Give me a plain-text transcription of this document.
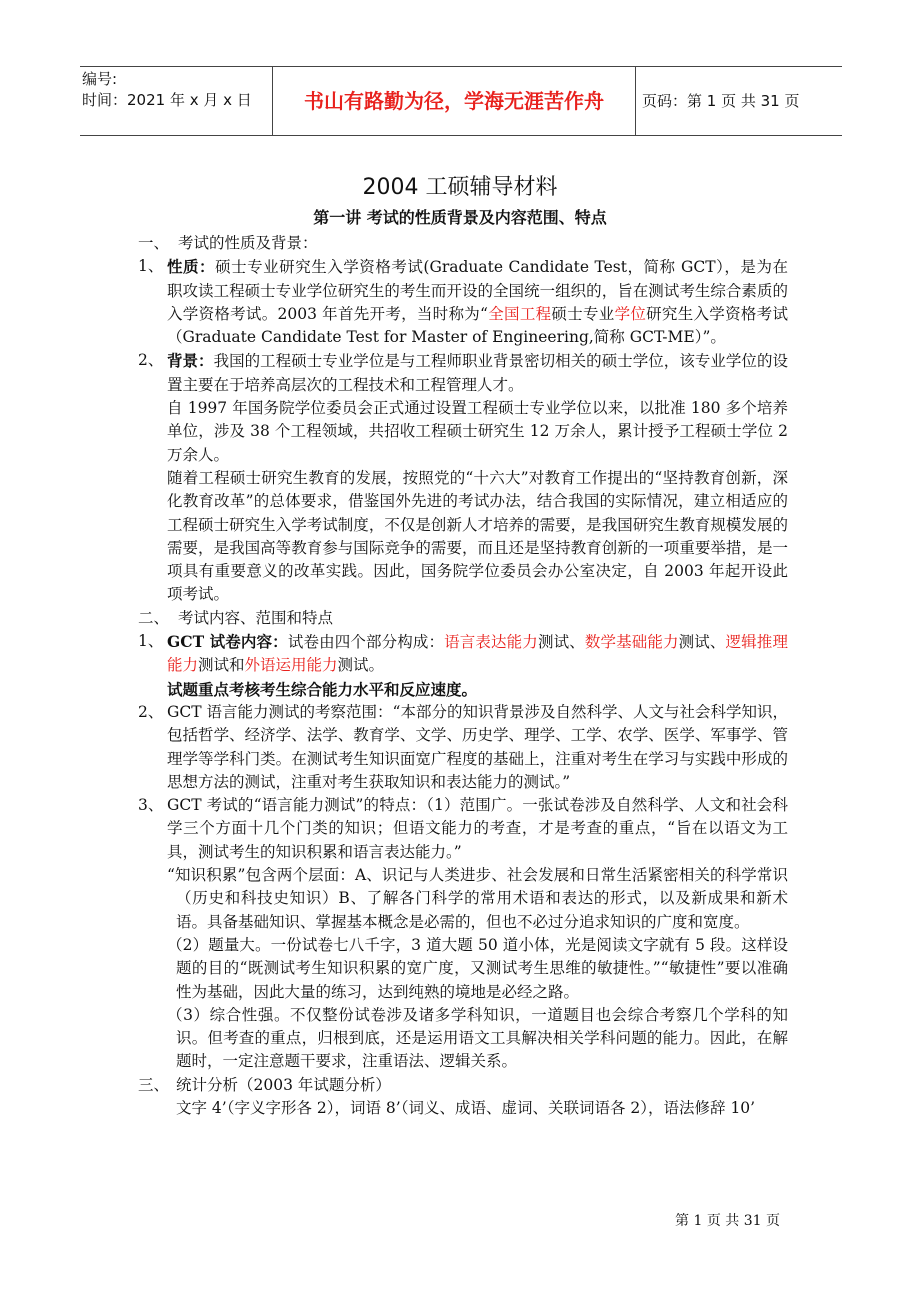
编号:
时间：2021 年 x 月 x 日	书山有路勤为径，学海无涯苦作舟	页码：第 1 页 共 31 页
2004 工硕辅导材料
第一讲 考试的性质背景及内容范围、特点
一、 考试的性质及背景：
1、 性质：硕士专业研究生入学资格考试(Graduate Candidate Test，简称 GCT），是为在职攻读工程硕士专业学位研究生的考生而开设的全国统一组织的，旨在测试考生综合素质的入学资格考试。2003 年首先开考，当时称为“全国工程硕士专业学位研究生入学资格考试（Graduate Candidate Test for Master of Engineering,简称 GCT-ME）”。
2、 背景：我国的工程硕士专业学位是与工程师职业背景密切相关的硕士学位，该专业学位的设置主要在于培养高层次的工程技术和工程管理人才。
自 1997 年国务院学位委员会正式通过设置工程硕士专业学位以来，以批准 180 多个培养单位，涉及 38 个工程领域，共招收工程硕士研究生 12 万余人，累计授予工程硕士学位 2 万余人。
随着工程硕士研究生教育的发展，按照党的“十六大”对教育工作提出的“坚持教育创新，深化教育改革”的总体要求，借鉴国外先进的考试办法，结合我国的实际情况，建立相适应的工程硕士研究生入学考试制度，不仅是创新人才培养的需要，是我国研究生教育规模发展的需要，是我国高等教育参与国际竞争的需要，而且还是坚持教育创新的一项重要举措，是一项具有重要意义的改革实践。因此，国务院学位委员会办公室决定，自 2003 年起开设此项考试。
二、 考试内容、范围和特点
1、 GCT 试卷内容：试卷由四个部分构成：语言表达能力测试、数学基础能力测试、逻辑推理能力测试和外语运用能力测试。
试题重点考核考生综合能力水平和反应速度。
2、 GCT 语言能力测试的考察范围：“本部分的知识背景涉及自然科学、人文与社会科学知识，包括哲学、经济学、法学、教育学、文学、历史学、理学、工学、农学、医学、军事学、管理学等学科门类。在测试考生知识面宽广程度的基础上，注重对考生在学习与实践中形成的思想方法的测试，注重对考生获取知识和表达能力的测试。”
3、 GCT 考试的“语言能力测试”的特点：（1）范围广。一张试卷涉及自然科学、人文和社会科学三个方面十几个门类的知识；但语文能力的考查，才是考查的重点，“旨在以语文为工具，测试考生的知识积累和语言表达能力。”
“知识积累”包含两个层面：A、识记与人类进步、社会发展和日常生活紧密相关的科学常识（历史和科技史知识）B、了解各门科学的常用术语和表达的形式，以及新成果和新术语。具备基础知识、掌握基本概念是必需的，但也不必过分追求知识的广度和宽度。
（2）题量大。一份试卷七八千字，3 道大题 50 道小体，光是阅读文字就有 5 段。这样设题的目的“既测试考生知识积累的宽广度，又测试考生思维的敏捷性。”“敏捷性”要以准确性为基础，因此大量的练习，达到纯熟的境地是必经之路。
（3）综合性强。不仅整份试卷涉及诸多学科知识，一道题目也会综合考察几个学科的知识。但考查的重点，归根到底，还是运用语文工具解决相关学科问题的能力。因此，在解题时，一定注意题干要求，注重语法、逻辑关系。
三、 统计分析（2003 年试题分析）
文字 4’（字义字形各 2），词语 8’（词义、成语、虚词、关联词语各 2），语法修辞 10’
第 1 页 共 31 页
